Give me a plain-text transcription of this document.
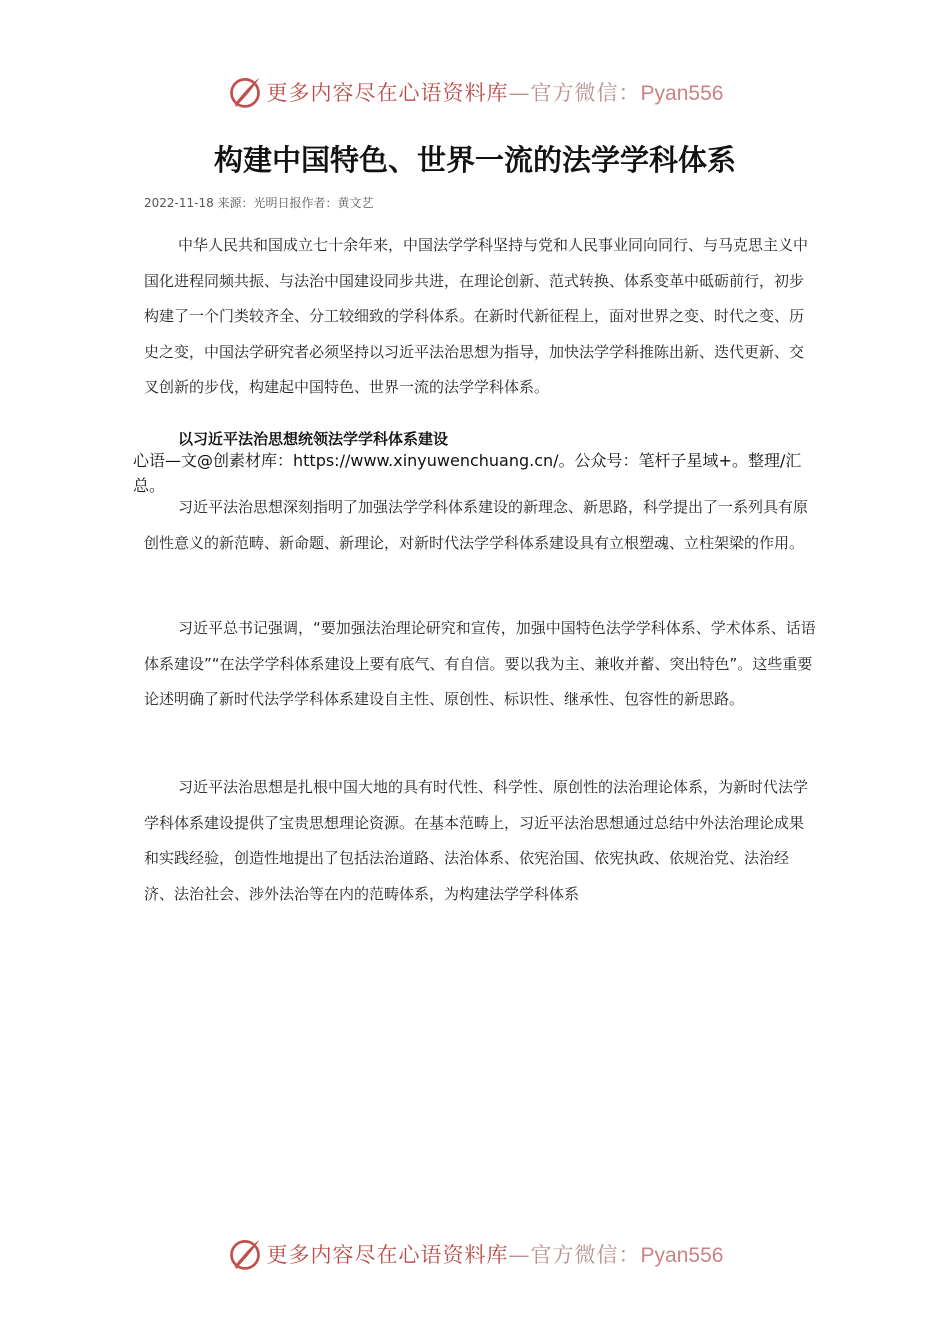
更多内容尽在心语资料库—官方微信：Pyan556
构建中国特色、世界一流的法学学科体系
2022-11-18 来源：光明日报作者：黄文艺

中华人民共和国成立七十余年来，中国法学学科坚持与党和人民事业同向同行、与马克思主义中国化进程同频共振、与法治中国建设同步共进，在理论创新、范式转换、体系变革中砥砺前行，初步构建了一个门类较齐全、分工较细致的学科体系。在新时代新征程上，面对世界之变、时代之变、历史之变，中国法学研究者必须坚持以习近平法治思想为指导，加快法学学科推陈出新、迭代更新、交叉创新的步伐，构建起中国特色、世界一流的法学学科体系。

以习近平法治思想统领法学学科体系建设

心语—文@创素材库：https://www.xinyuwenchuang.cn/。公众号：笔杆子星域+。整理/汇总。

习近平法治思想深刻指明了加强法学学科体系建设的新理念、新思路，科学提出了一系列具有原创性意义的新范畴、新命题、新理论，对新时代法学学科体系建设具有立根塑魂、立柱架梁的作用。

习近平总书记强调，“要加强法治理论研究和宣传，加强中国特色法学学科体系、学术体系、话语体系建设”“在法学学科体系建设上要有底气、有自信。要以我为主、兼收并蓄、突出特色”。这些重要论述明确了新时代法学学科体系建设自主性、原创性、标识性、继承性、包容性的新思路。

习近平法治思想是扎根中国大地的具有时代性、科学性、原创性的法治理论体系，为新时代法学学科体系建设提供了宝贵思想理论资源。在基本范畴上，习近平法治思想通过总结中外法治理论成果和实践经验，创造性地提出了包括法治道路、法治体系、依宪治国、依宪执政、依规治党、法治经济、法治社会、涉外法治等在内的范畴体系，为构建法学学科体系

更多内容尽在心语资料库—官方微信：Pyan556
